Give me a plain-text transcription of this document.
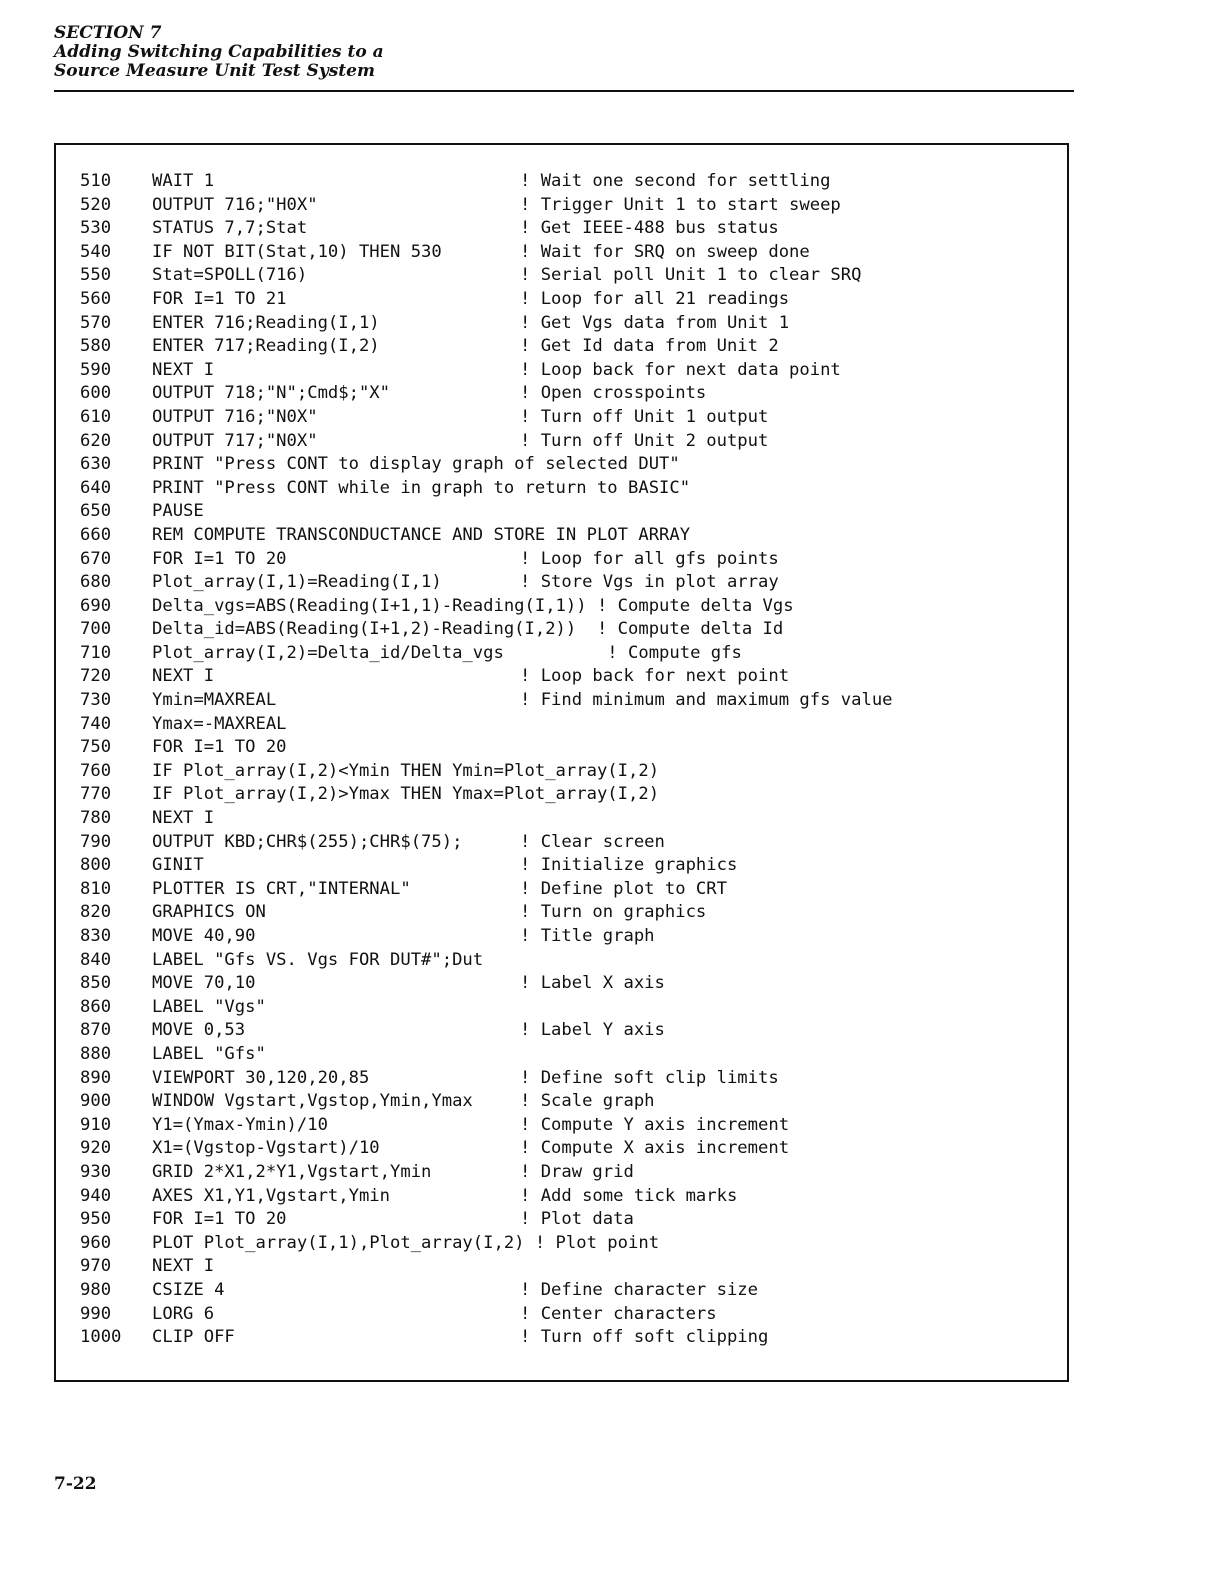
SECTION 7
Adding Switching Capabilities to a
Source Measure Unit Test System
510 WAIT 1	! Wait one second for settling
520 OUTPUT 716;"H0X"	! Trigger Unit 1 to start sweep
530 STATUS 7,7;Stat	! Get IEEE-488 bus status
540 IF NOT BIT(Stat,10) THEN 530	! Wait for SRQ on sweep done
550 Stat=SPOLL(716)	! Serial poll Unit 1 to clear SRQ
560 FOR I=1 TO 21	! Loop for all 21 readings
570 ENTER 716;Reading(I,1)	! Get Vgs data from Unit 1
580 ENTER 717;Reading(I,2)	! Get Id data from Unit 2
590 NEXT I	! Loop back for next data point
600 OUTPUT 718;"N";Cmd$;"X"	! Open crosspoints
610 OUTPUT 716;"N0X"	! Turn off Unit 1 output
620 OUTPUT 717;"N0X"	! Turn off Unit 2 output
630 PRINT "Press CONT to display graph of selected DUT"
640 PRINT "Press CONT while in graph to return to BASIC"
650 PAUSE
660 REM COMPUTE TRANSCONDUCTANCE AND STORE IN PLOT ARRAY
670 FOR I=1 TO 20	! Loop for all gfs points
680 Plot_array(I,1)=Reading(I,1)	! Store Vgs in plot array
690 Delta_vgs=ABS(Reading(I+1,1)-Reading(I,1)) ! Compute delta Vgs
700 Delta_id=ABS(Reading(I+1,2)-Reading(I,2))  ! Compute delta Id
710 Plot_array(I,2)=Delta_id/Delta_vgs          ! Compute gfs
720 NEXT I	! Loop back for next point
730 Ymin=MAXREAL	! Find minimum and maximum gfs value
740 Ymax=-MAXREAL
750 FOR I=1 TO 20
760 IF Plot_array(I,2)<Ymin THEN Ymin=Plot_array(I,2)
770 IF Plot_array(I,2)>Ymax THEN Ymax=Plot_array(I,2)
780 NEXT I
790 OUTPUT KBD;CHR$(255);CHR$(75);	! Clear screen
800 GINIT	! Initialize graphics
810 PLOTTER IS CRT,"INTERNAL"	! Define plot to CRT
820 GRAPHICS ON	! Turn on graphics
830 MOVE 40,90	! Title graph
840 LABEL "Gfs VS. Vgs FOR DUT#";Dut
850 MOVE 70,10	! Label X axis
860 LABEL "Vgs"
870 MOVE 0,53	! Label Y axis
880 LABEL "Gfs"
890 VIEWPORT 30,120,20,85	! Define soft clip limits
900 WINDOW Vgstart,Vgstop,Ymin,Ymax	! Scale graph
910 Y1=(Ymax-Ymin)/10	! Compute Y axis increment
920 X1=(Vgstop-Vgstart)/10	! Compute X axis increment
930 GRID 2*X1,2*Y1,Vgstart,Ymin	! Draw grid
940 AXES X1,Y1,Vgstart,Ymin	! Add some tick marks
950 FOR I=1 TO 20	! Plot data
960 PLOT Plot_array(I,1),Plot_array(I,2) ! Plot point
970 NEXT I
980 CSIZE 4	! Define character size
990 LORG 6	! Center characters
1000 CLIP OFF	! Turn off soft clipping
7-22
